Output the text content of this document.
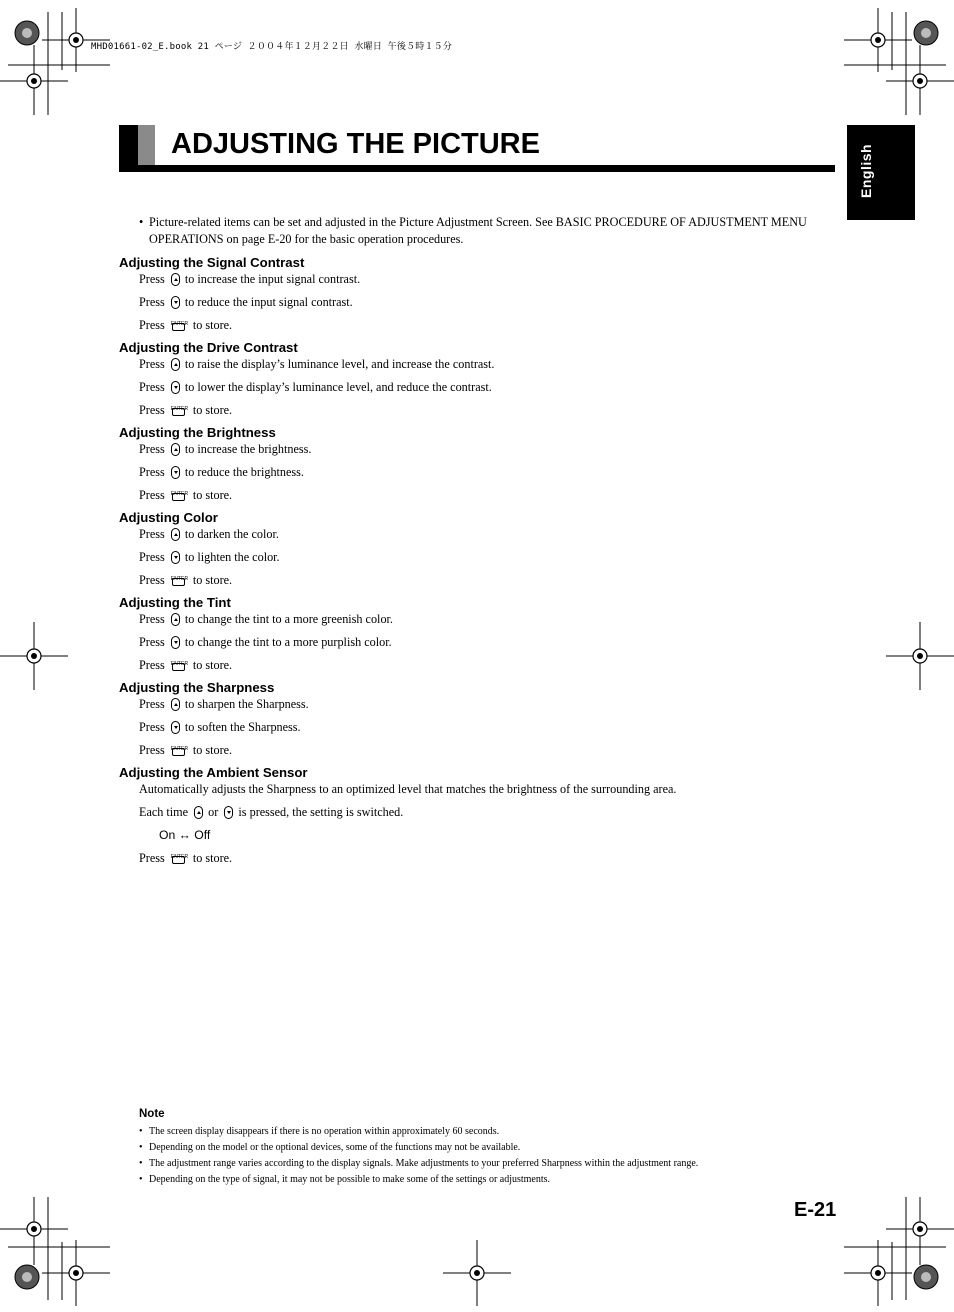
MHD01661-02_E.book 21 ページ ２００４年１２月２２日 水曜日 午後５時１５分
ADJUSTING THE PICTURE	English
• Picture-related items can be set and adjusted in the Picture Adjustment Screen. See BASIC PROCEDURE OF ADJUSTMENT MENU OPERATIONS on page E-20 for the basic operation procedures.
Adjusting the Signal Contrast
Press to increase the input signal contrast.
Press to reduce the input signal contrast.
Press ENTER to store.
Adjusting the Drive Contrast
Press to raise the display’s luminance level, and increase the contrast.
Press to lower the display’s luminance level, and reduce the contrast.
Press ENTER to store.
Adjusting the Brightness
Press to increase the brightness.
Press to reduce the brightness.
Press ENTER to store.
Adjusting Color
Press to darken the color.
Press to lighten the color.
Press ENTER to store.
Adjusting the Tint
Press to change the tint to a more greenish color.
Press to change the tint to a more purplish color.
Press ENTER to store.
Adjusting the Sharpness
Press to sharpen the Sharpness.
Press to soften the Sharpness.
Press ENTER to store.
Adjusting the Ambient Sensor
Automatically adjusts the Sharpness to an optimized level that matches the brightness of the surrounding area.
Each time or is pressed, the setting is switched.
On ↔ Off
Press ENTER to store.
Note
• The screen display disappears if there is no operation within approximately 60 seconds.
• Depending on the model or the optional devices, some of the functions may not be available.
• The adjustment range varies according to the display signals. Make adjustments to your preferred Sharpness within the adjustment range.
• Depending on the type of signal, it may not be possible to make some of the settings or adjustments.
E-21
